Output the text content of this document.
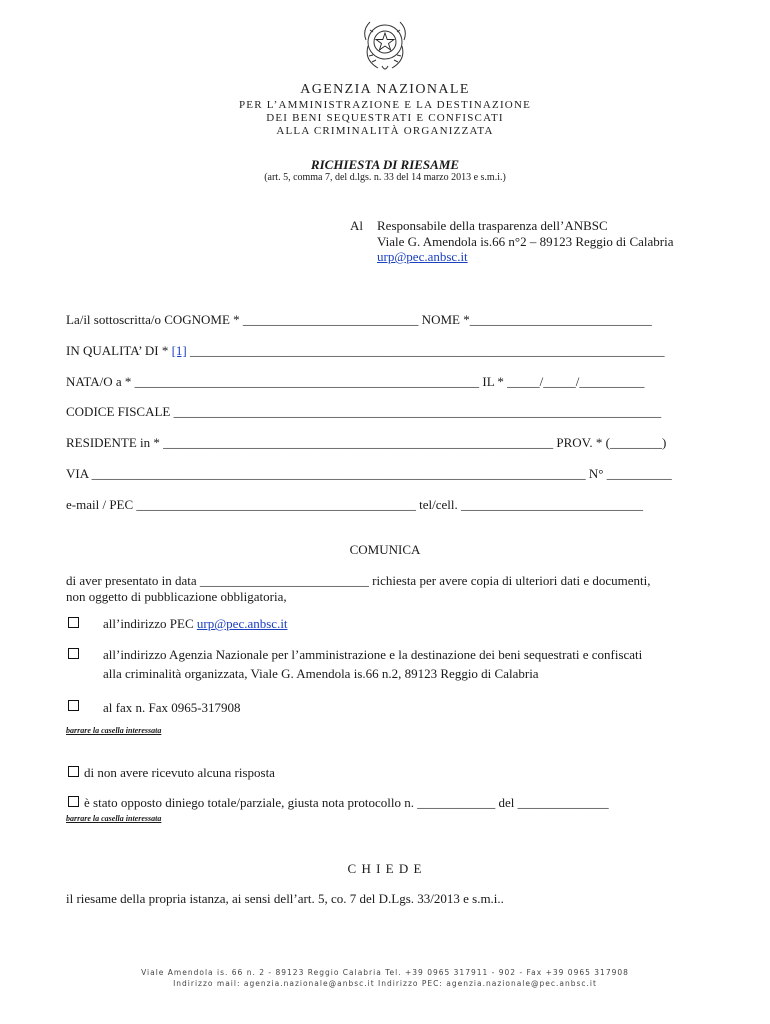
AGENZIA NAZIONALE
PER L’AMMINISTRAZIONE E LA DESTINAZIONE
DEI BENI SEQUESTRATI E CONFISCATI
ALLA CRIMINALITÀ ORGANIZZATA
RICHIESTA DI RIESAME
(art. 5, comma 7, del d.lgs. n. 33 del 14 marzo 2013 e s.m.i.)
Al Responsabile della trasparenza dell’ANBSC
Viale G. Amendola is.66 n°2 – 89123 Reggio di Calabria
urp@pec.anbsc.it
La/il sottoscritta/o COGNOME * ___________________________ NOME *____________________________
IN QUALITA’ DI * [1] _________________________________________________________________________
NATA/O a * _____________________________________________________ IL * _____/_____/__________
CODICE FISCALE ___________________________________________________________________________
RESIDENTE in * ____________________________________________________________ PROV. * (________)
VIA ____________________________________________________________________________ N° __________
e-mail / PEC ___________________________________________ tel/cell. ____________________________
COMUNICA
di aver presentato in data __________________________ richiesta per avere copia di ulteriori dati e documenti,
non oggetto di pubblicazione obbligatoria,
all’indirizzo PEC urp@pec.anbsc.it
all’indirizzo Agenzia Nazionale per l’amministrazione e la destinazione dei beni sequestrati e confiscati
alla criminalità organizzata, Viale G. Amendola is.66 n.2, 89123 Reggio di Calabria
al fax n. Fax 0965-317908
barrare la casella interessata
di non avere ricevuto alcuna risposta
è stato opposto diniego totale/parziale, giusta nota protocollo n. ____________ del ______________
barrare la casella interessata
C H I E D E
il riesame della propria istanza, ai sensi dell’art. 5, co. 7 del D.Lgs. 33/2013 e s.m.i..
Viale Amendola is. 66 n. 2 - 89123 Reggio Calabria Tel. +39 0965 317911 - 902 - Fax +39 0965 317908
Indirizzo mail: agenzia.nazionale@anbsc.it Indirizzo PEC: agenzia.nazionale@pec.anbsc.it
